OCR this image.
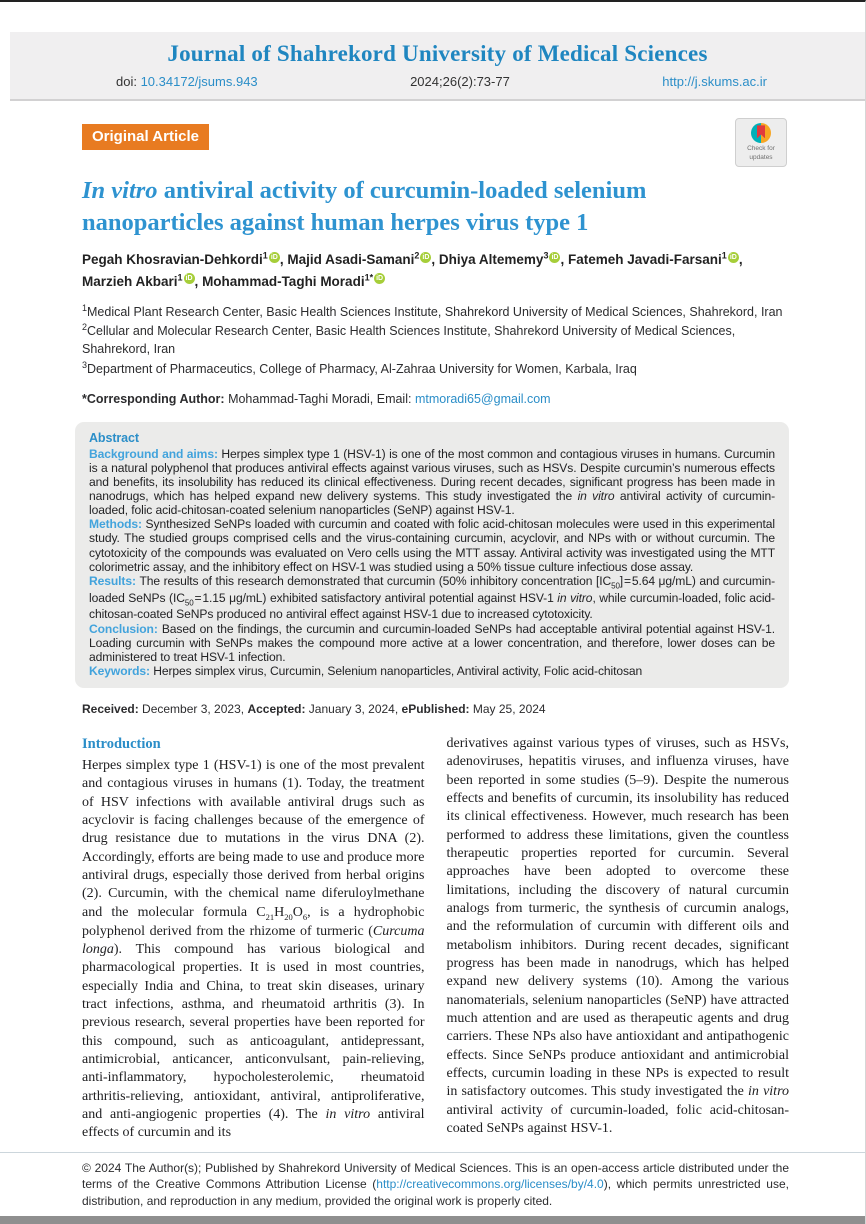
Journal of Shahrekord University of Medical Sciences
doi: 10.34172/jsums.943	2024;26(2):73-77	http://j.skums.ac.ir
Original Article
Check for
updates
In vitro antiviral activity of curcumin-loaded selenium nanoparticles against human herpes virus type 1
Pegah Khosravian-Dehkordi$^1$ iD , Majid Asadi-Samani$^2$ iD , Dhiya Altememy$^3$ iD , Fatemeh Javadi-Farsani$^1$ iD , Marzieh Akbari$^1$ iD , Mohammad-Taghi Moradi$^{1*}$ iD
$^1$Medical Plant Research Center, Basic Health Sciences Institute, Shahrekord University of Medical Sciences, Shahrekord, Iran
$^2$Cellular and Molecular Research Center, Basic Health Sciences Institute, Shahrekord University of Medical Sciences, Shahrekord, Iran
$^3$Department of Pharmaceutics, College of Pharmacy, Al-Zahraa University for Women, Karbala, Iraq
*Corresponding Author: Mohammad-Taghi Moradi, Email: mtmoradi65@gmail.com
Abstract

Background and aims: Herpes simplex type 1 (HSV-1) is one of the most common and contagious viruses in humans. Curcumin is a natural polyphenol that produces antiviral effects against various viruses, such as HSVs. Despite curcumin’s numerous effects and benefits, its insolubility has reduced its clinical effectiveness. During recent decades, significant progress has been made in nanodrugs, which has helped expand new delivery systems. This study investigated the in vitro antiviral activity of curcumin-loaded, folic acid-chitosan-coated selenium nanoparticles (SeNP) against HSV-1.

Methods: Synthesized SeNPs loaded with curcumin and coated with folic acid-chitosan molecules were used in this experimental study. The studied groups comprised cells and the virus-containing curcumin, acyclovir, and NPs with or without curcumin. The cytotoxicity of the compounds was evaluated on Vero cells using the MTT assay. Antiviral activity was investigated using the MTT colorimetric assay, and the inhibitory effect on HSV-1 was studied using a 50% tissue culture infectious dose assay.

Results: The results of this research demonstrated that curcumin (50% inhibitory concentration $[IC_{50}]$ = 5.64 μg/mL) and curcumin-loaded SeNPs ($IC_{50}$ = 1.15 μg/mL) exhibited satisfactory antiviral potential against HSV-1 in vitro, while curcumin-loaded, folic acid-chitosan-coated SeNPs produced no antiviral effect against HSV-1 due to increased cytotoxicity.

Conclusion: Based on the findings, the curcumin and curcumin-loaded SeNPs had acceptable antiviral potential against HSV-1. Loading curcumin with SeNPs makes the compound more active at a lower concentration, and therefore, lower doses can be administered to treat HSV-1 infection.

Keywords: Herpes simplex virus, Curcumin, Selenium nanoparticles, Antiviral activity, Folic acid-chitosan

Received: December 3, 2023, Accepted: January 3, 2024, ePublished: May 25, 2024
Introduction

Herpes simplex type 1 (HSV-1) is one of the most prevalent and contagious viruses in humans (1). Today, the treatment of HSV infections with available antiviral drugs such as acyclovir is facing challenges because of the emergence of drug resistance due to mutations in the virus DNA (2). Accordingly, efforts are being made to use and produce more antiviral drugs, especially those derived from herbal origins (2). Curcumin, with the chemical name diferuloylmethane and the molecular formula $C_{21}H_{20}O_6$, is a hydrophobic polyphenol derived from the rhizome of turmeric (Curcuma longa). This compound has various biological and pharmacological properties. It is used in most countries, especially India and China, to treat skin diseases, urinary tract infections, asthma, and rheumatoid arthritis (3). In previous research, several properties have been reported for this compound, such as anticoagulant, antidepressant, antimicrobial, anticancer, anticonvulsant, pain-relieving, anti-inflammatory, hypocholesterolemic, rheumatoid arthritis-relieving, antioxidant, antiviral, antiproliferative, and anti-angiogenic properties (4). The in vitro antiviral effects of curcumin and its

derivatives against various types of viruses, such as HSVs, adenoviruses, hepatitis viruses, and influenza viruses, have been reported in some studies (5–9). Despite the numerous effects and benefits of curcumin, its insolubility has reduced its clinical effectiveness. However, much research has been performed to address these limitations, given the countless therapeutic properties reported for curcumin. Several approaches have been adopted to overcome these limitations, including the discovery of natural curcumin analogs from turmeric, the synthesis of curcumin analogs, and the reformulation of curcumin with different oils and metabolism inhibitors. During recent decades, significant progress has been made in nanodrugs, which has helped expand new delivery systems (10). Among the various nanomaterials, selenium nanoparticles (SeNP) have attracted much attention and are used as therapeutic agents and drug carriers. These NPs also have antioxidant and antipathogenic effects. Since SeNPs produce antioxidant and antimicrobial effects, curcumin loading in these NPs is expected to result in satisfactory outcomes. This study investigated the in vitro antiviral activity of curcumin-loaded, folic acid-chitosan-coated SeNPs against HSV-1.

© 2024 The Author(s); Published by Shahrekord University of Medical Sciences. This is an open-access article distributed under the terms of the Creative Commons Attribution License (http://creativecommons.org/licenses/by/4.0), which permits unrestricted use, distribution, and reproduction in any medium, provided the original work is properly cited.
